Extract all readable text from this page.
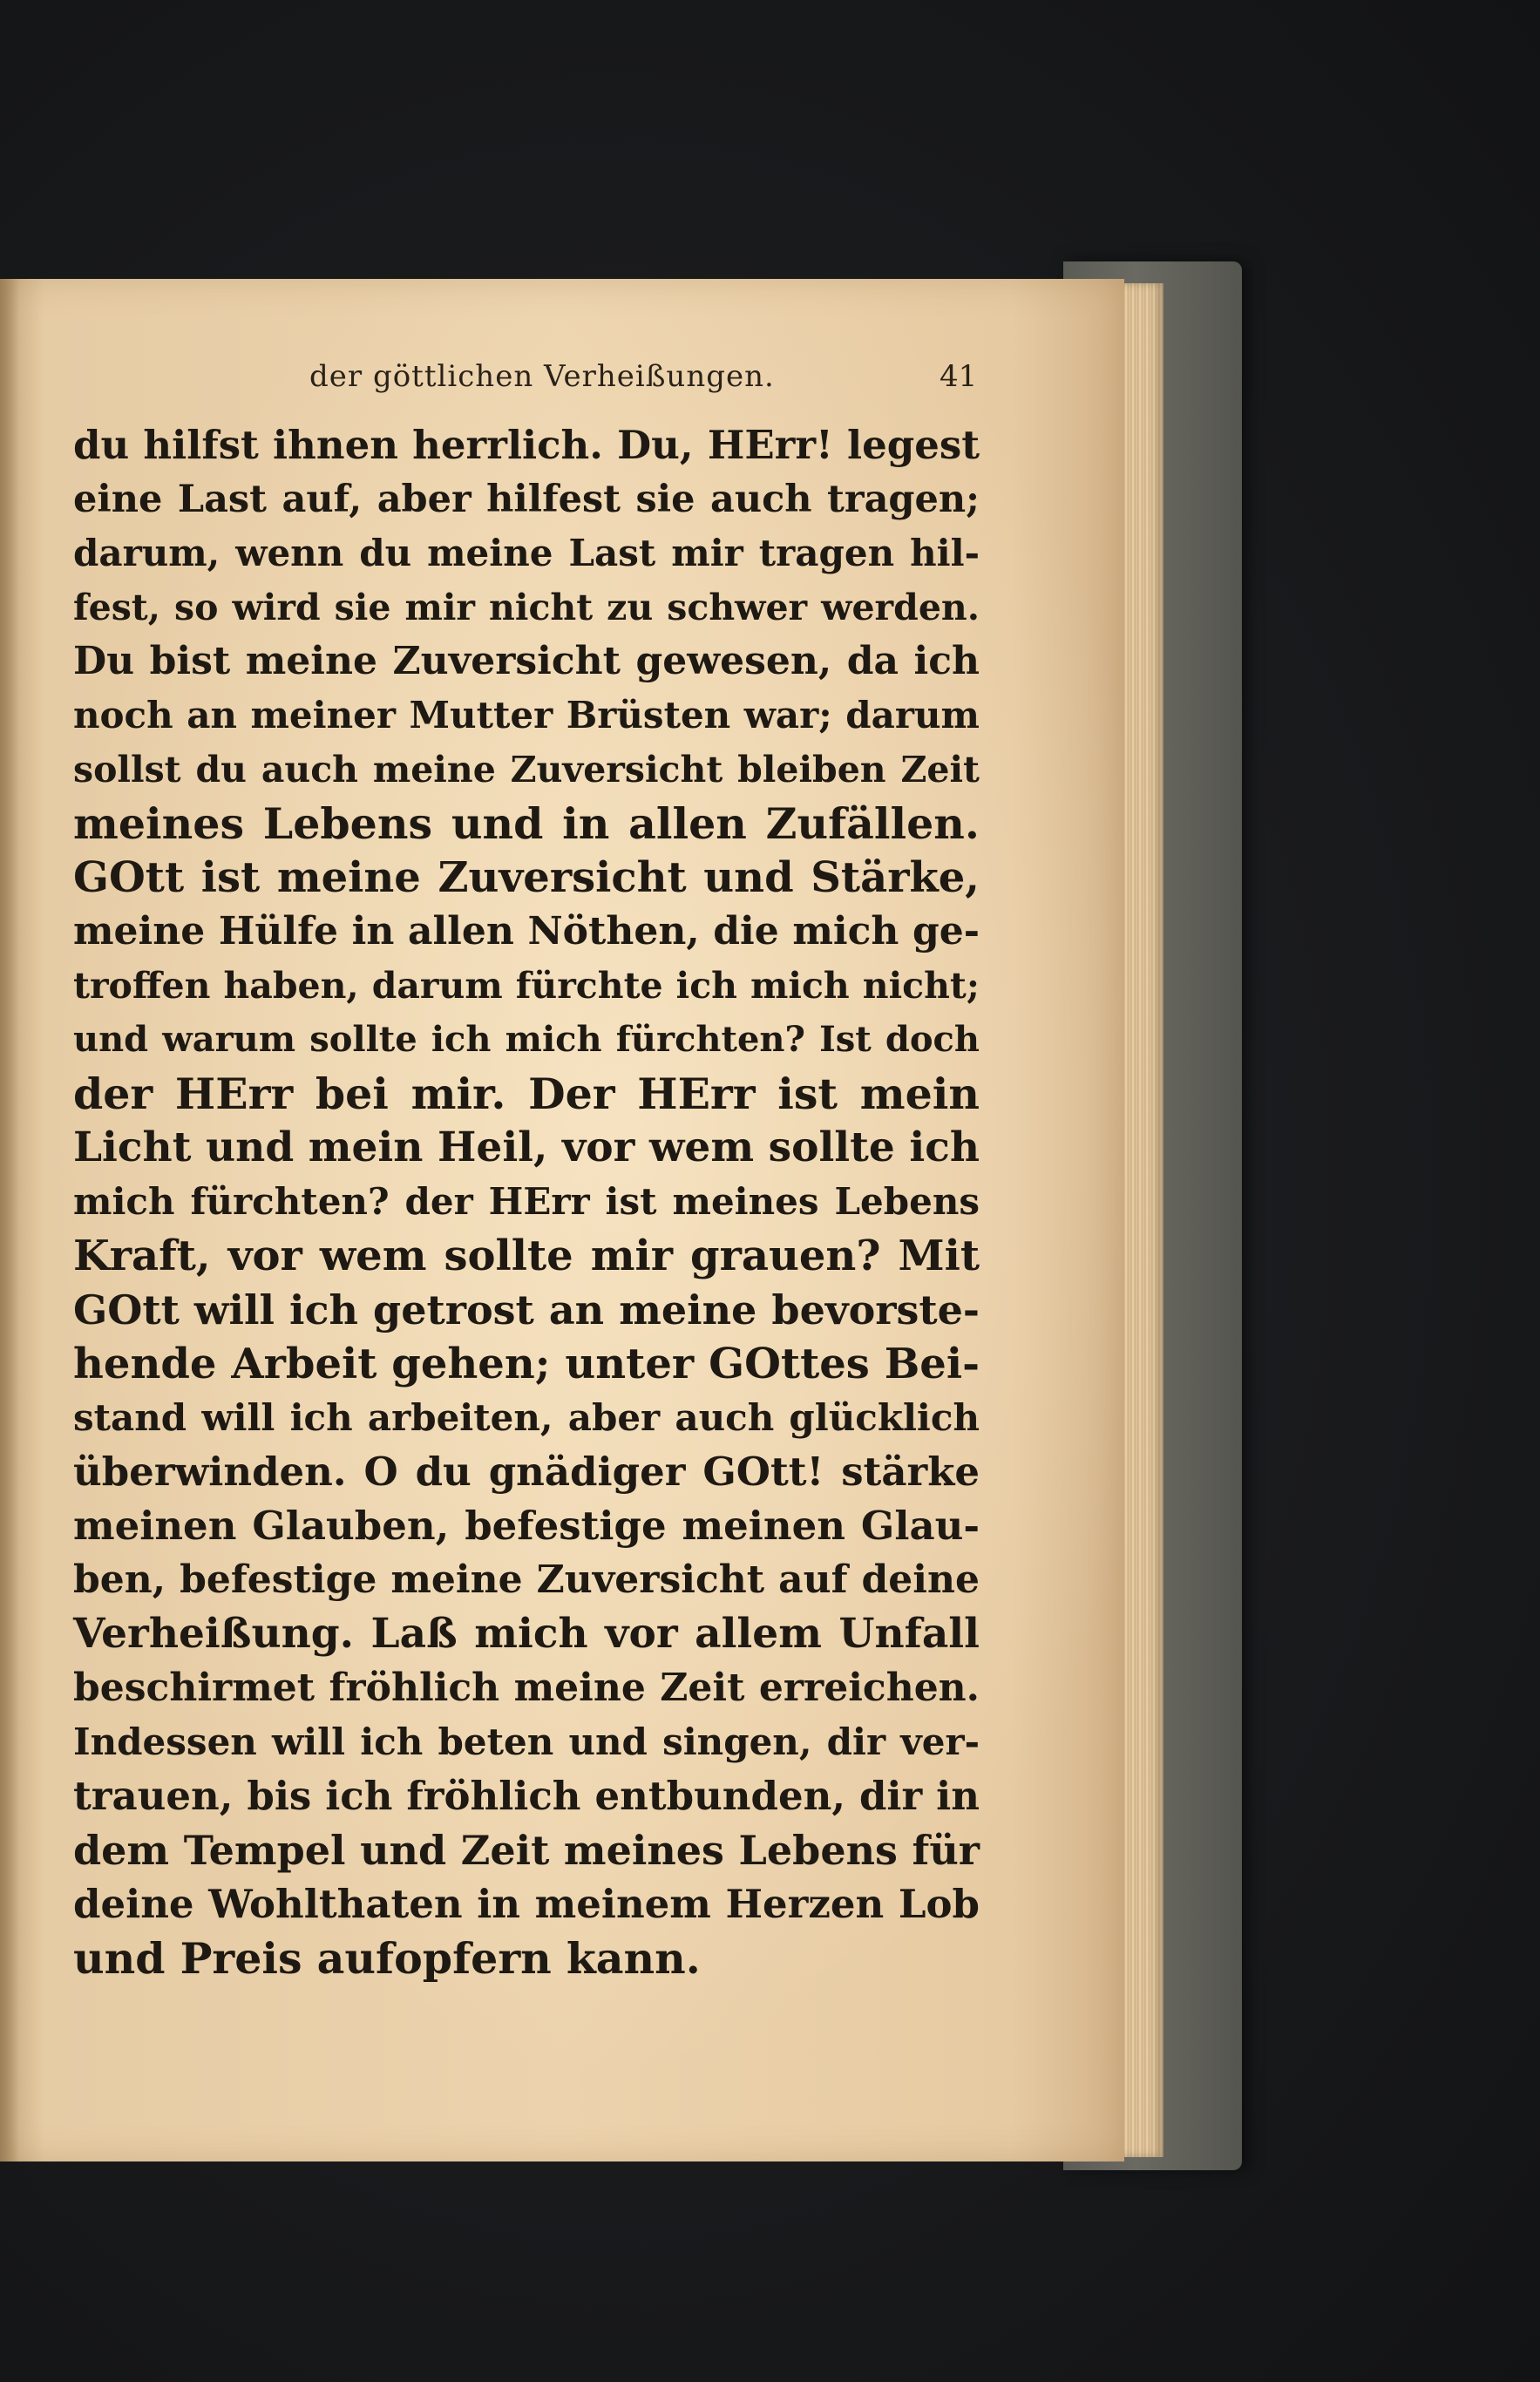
der göttlichen Verheißungen.	41
du hilfst ihnen herrlich. Du, HErr! legest
eine Last auf, aber hilfest sie auch tragen;
darum, wenn du meine Last mir tragen hil-
fest, so wird sie mir nicht zu schwer werden.
Du bist meine Zuversicht gewesen, da ich
noch an meiner Mutter Brüsten war; darum
sollst du auch meine Zuversicht bleiben Zeit
meines Lebens und in allen Zufällen.
GOtt ist meine Zuversicht und Stärke,
meine Hülfe in allen Nöthen, die mich ge-
troffen haben, darum fürchte ich mich nicht;
und warum sollte ich mich fürchten? Ist doch
der HErr bei mir. Der HErr ist mein
Licht und mein Heil, vor wem sollte ich
mich fürchten? der HErr ist meines Lebens
Kraft, vor wem sollte mir grauen? Mit
GOtt will ich getrost an meine bevorste-
hende Arbeit gehen; unter GOttes Bei-
stand will ich arbeiten, aber auch glücklich
überwinden. O du gnädiger GOtt! stärke
meinen Glauben, befestige meinen Glau-
ben, befestige meine Zuversicht auf deine
Verheißung. Laß mich vor allem Unfall
beschirmet fröhlich meine Zeit erreichen.
Indessen will ich beten und singen, dir ver-
trauen, bis ich fröhlich entbunden, dir in
dem Tempel und Zeit meines Lebens für
deine Wohlthaten in meinem Herzen Lob
und Preis aufopfern kann.
